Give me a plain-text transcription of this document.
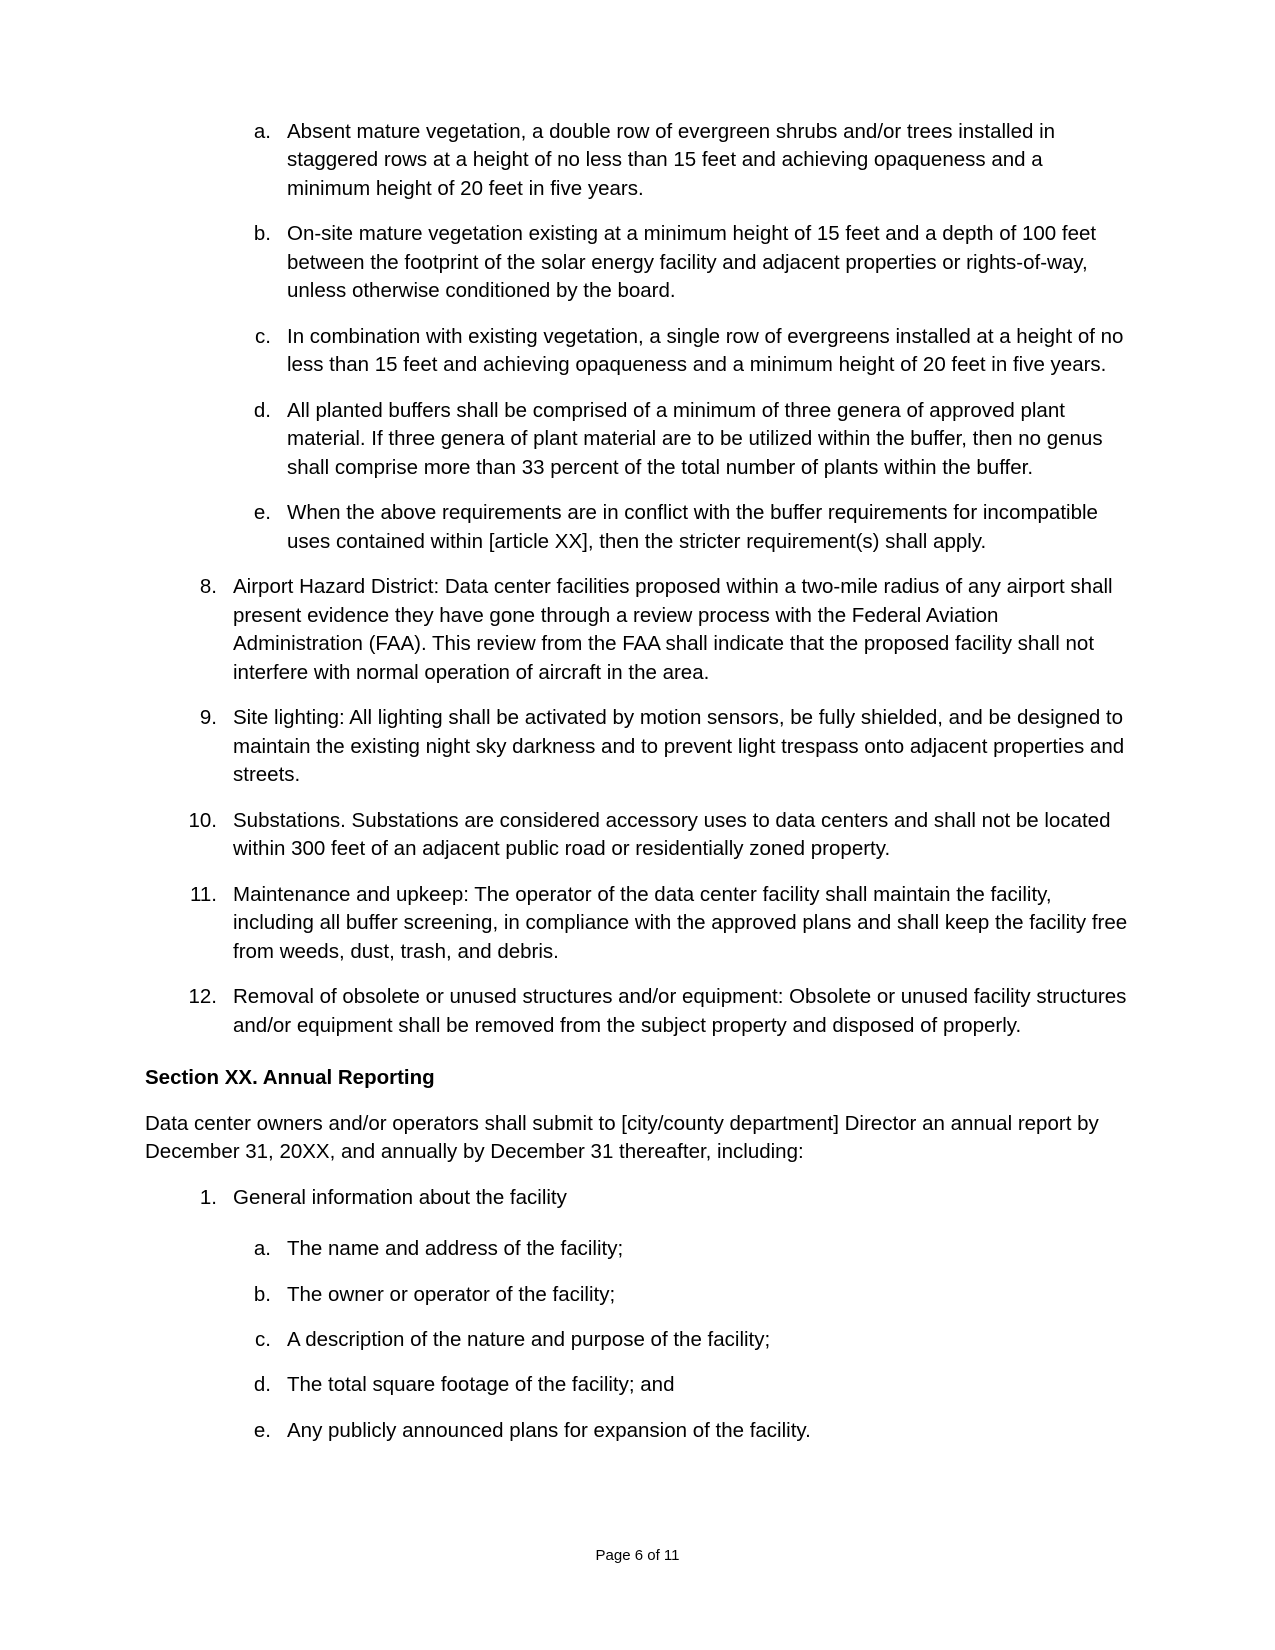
a. Absent mature vegetation, a double row of evergreen shrubs and/or trees installed in staggered rows at a height of no less than 15 feet and achieving opaqueness and a minimum height of 20 feet in five years.
b. On-site mature vegetation existing at a minimum height of 15 feet and a depth of 100 feet between the footprint of the solar energy facility and adjacent properties or rights-of-way, unless otherwise conditioned by the board.
c. In combination with existing vegetation, a single row of evergreens installed at a height of no less than 15 feet and achieving opaqueness and a minimum height of 20 feet in five years.
d. All planted buffers shall be comprised of a minimum of three genera of approved plant material. If three genera of plant material are to be utilized within the buffer, then no genus shall comprise more than 33 percent of the total number of plants within the buffer.
e. When the above requirements are in conflict with the buffer requirements for incompatible uses contained within [article XX], then the stricter requirement(s) shall apply.
8. Airport Hazard District: Data center facilities proposed within a two-mile radius of any airport shall present evidence they have gone through a review process with the Federal Aviation Administration (FAA). This review from the FAA shall indicate that the proposed facility shall not interfere with normal operation of aircraft in the area.
9. Site lighting: All lighting shall be activated by motion sensors, be fully shielded, and be designed to maintain the existing night sky darkness and to prevent light trespass onto adjacent properties and streets.
10. Substations. Substations are considered accessory uses to data centers and shall not be located within 300 feet of an adjacent public road or residentially zoned property.
11. Maintenance and upkeep: The operator of the data center facility shall maintain the facility, including all buffer screening, in compliance with the approved plans and shall keep the facility free from weeds, dust, trash, and debris.
12. Removal of obsolete or unused structures and/or equipment: Obsolete or unused facility structures and/or equipment shall be removed from the subject property and disposed of properly.
Section XX. Annual Reporting

Data center owners and/or operators shall submit to [city/county department] Director an annual report by December 31, 20XX, and annually by December 31 thereafter, including:

1. General information about the facility
a. The name and address of the facility;
b. The owner or operator of the facility;
c. A description of the nature and purpose of the facility;
d. The total square footage of the facility; and
e. Any publicly announced plans for expansion of the facility.
Page 6 of 11
